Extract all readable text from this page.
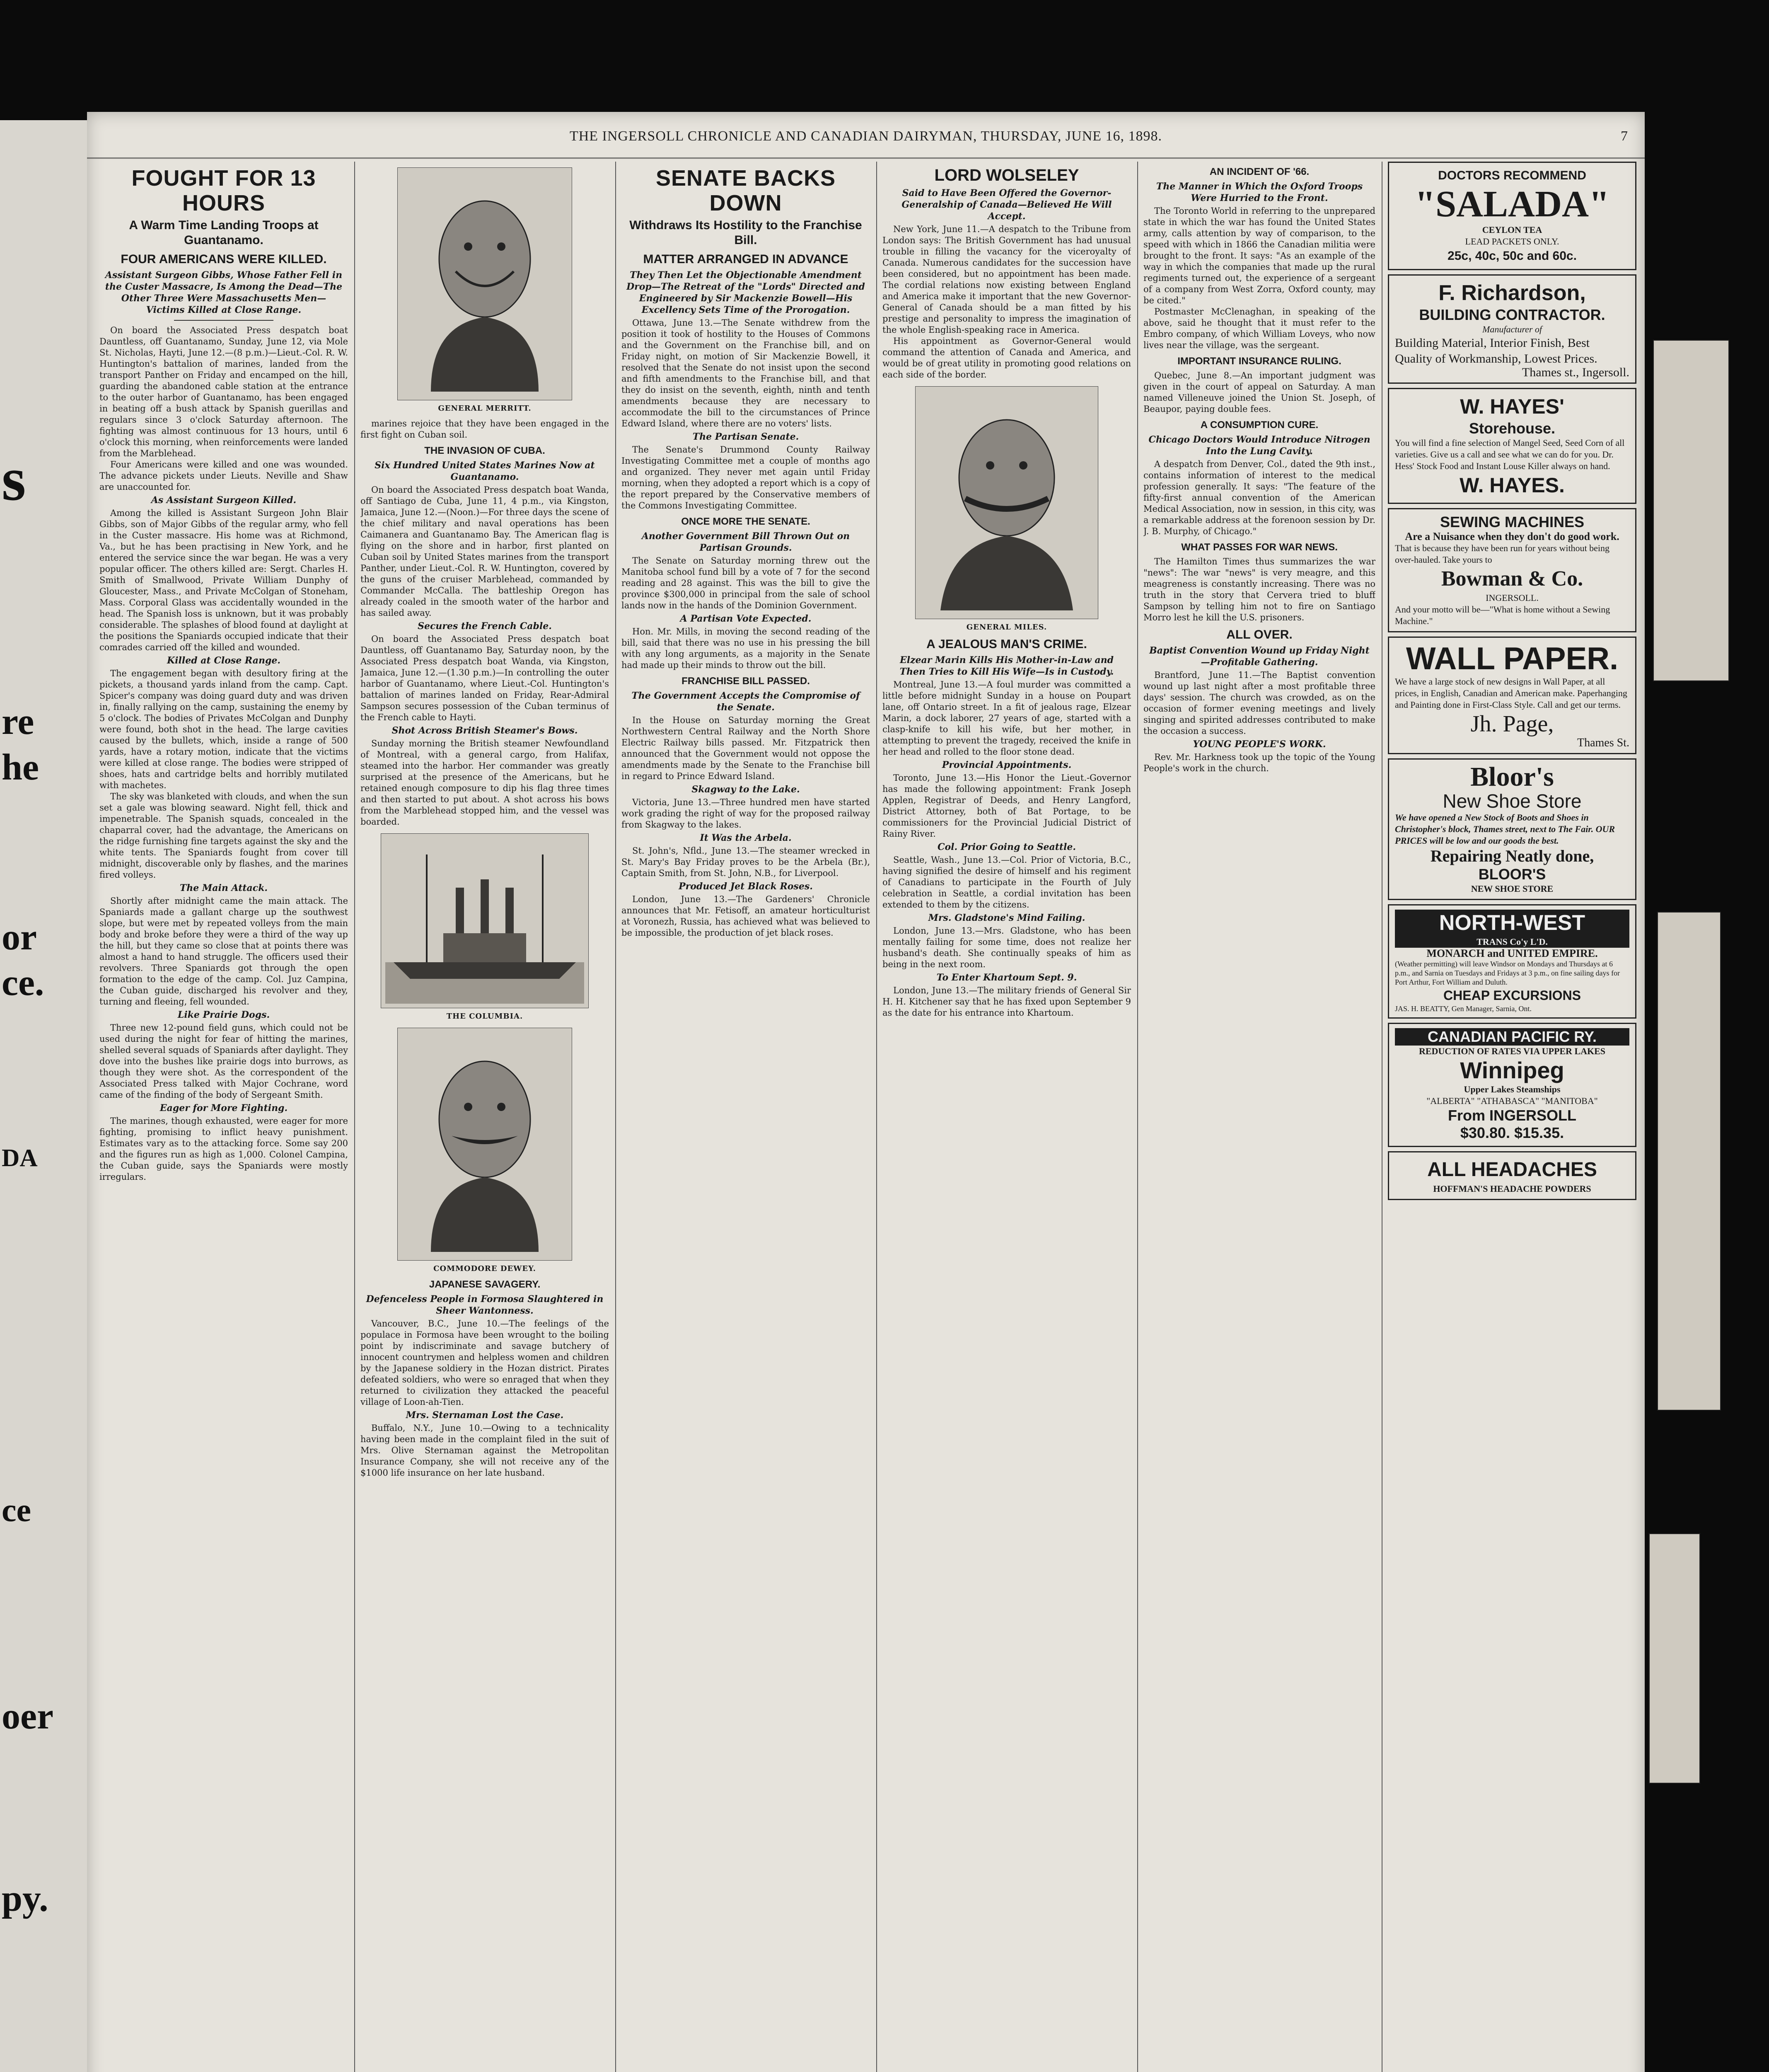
s
re
he
or
ce.
DA
ce
oer
py.
THE INGERSOLL CHRONICLE AND CANADIAN DAIRYMAN, THURSDAY, JUNE 16, 1898.	7
FOUGHT FOR 13 HOURS
A Warm Time Landing Troops at Guantanamo.
FOUR AMERICANS WERE KILLED.
Assistant Surgeon Gibbs, Whose Father Fell in the Custer Massacre, Is Among the Dead—The Other Three Were Massachusetts Men—Victims Killed at Close Range.

On board the Associated Press despatch boat Dauntless, off Guantanamo, Sunday, June 12, via Mole St. Nicholas, Hayti, June 12.—(8 p.m.)—Lieut.-Col. R. W. Huntington's battalion of marines, landed from the transport Panther on Friday and encamped on the hill, guarding the abandoned cable station at the entrance to the outer harbor of Guantanamo, has been engaged in beating off a bush attack by Spanish guerillas and regulars since 3 o'clock Saturday afternoon. The fighting was almost continuous for 13 hours, until 6 o'clock this morning, when reinforcements were landed from the Marblehead.

Four Americans were killed and one was wounded. The advance pickets under Lieuts. Neville and Shaw are unaccounted for.

As Assistant Surgeon Killed.

Among the killed is Assistant Surgeon John Blair Gibbs, son of Major Gibbs of the regular army, who fell in the Custer massacre. His home was at Richmond, Va., but he has been practising in New York, and he entered the service since the war began. He was a very popular officer. The others killed are: Sergt. Charles H. Smith of Smallwood, Private William Dunphy of Gloucester, Mass., and Private McColgan of Stoneham, Mass. Corporal Glass was accidentally wounded in the head. The Spanish loss is unknown, but it was probably considerable. The splashes of blood found at daylight at the positions the Spaniards occupied indicate that their comrades carried off the killed and wounded.

Killed at Close Range.

The engagement began with desultory firing at the pickets, a thousand yards inland from the camp. Capt. Spicer's company was doing guard duty and was driven in, finally rallying on the camp, sustaining the enemy by 5 o'clock. The bodies of Privates McColgan and Dunphy were found, both shot in the head. The large cavities caused by the bullets, which, inside a range of 500 yards, have a rotary motion, indicate that the victims were killed at close range. The bodies were stripped of shoes, hats and cartridge belts and horribly mutilated with machetes.

The sky was blanketed with clouds, and when the sun set a gale was blowing seaward. Night fell, thick and impenetrable. The Spanish squads, concealed in the chaparral cover, had the advantage, the Americans on the ridge furnishing fine targets against the sky and the white tents. The Spaniards fought from cover till midnight, discoverable only by flashes, and the marines fired volleys.

The Main Attack.

Shortly after midnight came the main attack. The Spaniards made a gallant charge up the southwest slope, but were met by repeated volleys from the main body and broke before they were a third of the way up the hill, but they came so close that at points there was almost a hand to hand struggle. The officers used their revolvers. Three Spaniards got through the open formation to the edge of the camp. Col. Juz Campina, the Cuban guide, discharged his revolver and they, turning and fleeing, fell wounded.

Like Prairie Dogs.

Three new 12-pound field guns, which could not be used during the night for fear of hitting the marines, shelled several squads of Spaniards after daylight. They dove into the bushes like prairie dogs into burrows, as though they were shot. As the correspondent of the Associated Press talked with Major Cochrane, word came of the finding of the body of Sergeant Smith.

Eager for More Fighting.

The marines, though exhausted, were eager for more fighting, promising to inflict heavy punishment. Estimates vary as to the attacking force. Some say 200 and the figures run as high as 1,000. Colonel Campina, the Cuban guide, says the Spaniards were mostly irregulars.

GENERAL MERRITT.

marines rejoice that they have been engaged in the first fight on Cuban soil.

THE INVASION OF CUBA.
Six Hundred United States Marines Now at Guantanamo.

On board the Associated Press despatch boat Wanda, off Santiago de Cuba, June 11, 4 p.m., via Kingston, Jamaica, June 12.—(Noon.)—For three days the scene of the chief military and naval operations has been Caimanera and Guantanamo Bay. The American flag is flying on the shore and in harbor, first planted on Cuban soil by United States marines from the transport Panther, under Lieut.-Col. R. W. Huntington, covered by the guns of the cruiser Marblehead, commanded by Commander McCalla. The battleship Oregon has already coaled in the smooth water of the harbor and has sailed away.

Secures the French Cable.

On board the Associated Press despatch boat Dauntless, off Guantanamo Bay, Saturday noon, by the Associated Press despatch boat Wanda, via Kingston, Jamaica, June 12.—(1.30 p.m.)—In controlling the outer harbor of Guantanamo, where Lieut.-Col. Huntington's battalion of marines landed on Friday, Rear-Admiral Sampson secures possession of the Cuban terminus of the French cable to Hayti.

Shot Across British Steamer's Bows.

Sunday morning the British steamer Newfoundland of Montreal, with a general cargo, from Halifax, steamed into the harbor. Her commander was greatly surprised at the presence of the Americans, but he retained enough composure to dip his flag three times and then started to put about. A shot across his bows from the Marblehead stopped him, and the vessel was boarded.

THE COLUMBIA.
COMMODORE DEWEY.
JAPANESE SAVAGERY.
Defenceless People in Formosa Slaughtered in Sheer Wantonness.

Vancouver, B.C., June 10.—The feelings of the populace in Formosa have been wrought to the boiling point by indiscriminate and savage butchery of innocent countrymen and helpless women and children by the Japanese soldiery in the Hozan district. Pirates defeated soldiers, who were so enraged that when they returned to civilization they attacked the peaceful village of Loon-ah-Tien.

Mrs. Sternaman Lost the Case.

Buffalo, N.Y., June 10.—Owing to a technicality having been made in the complaint filed in the suit of Mrs. Olive Sternaman against the Metropolitan Insurance Company, she will not receive any of the $1000 life insurance on her late husband.

SENATE BACKS DOWN
Withdraws Its Hostility to the Franchise Bill.
MATTER ARRANGED IN ADVANCE
They Then Let the Objectionable Amendment Drop—The Retreat of the "Lords" Directed and Engineered by Sir Mackenzie Bowell—His Excellency Sets Time of the Prorogation.

Ottawa, June 13.—The Senate withdrew from the position it took of hostility to the Houses of Commons and the Government on the Franchise bill, and on Friday night, on motion of Sir Mackenzie Bowell, it resolved that the Senate do not insist upon the second and fifth amendments to the Franchise bill, and that they do insist on the seventh, eighth, ninth and tenth amendments because they are necessary to accommodate the bill to the circumstances of Prince Edward Island, where there are no voters' lists.

The Partisan Senate.

The Senate's Drummond County Railway Investigating Committee met a couple of months ago and organized. They never met again until Friday morning, when they adopted a report which is a copy of the report prepared by the Conservative members of the Commons Investigating Committee.

ONCE MORE THE SENATE.
Another Government Bill Thrown Out on Partisan Grounds.

The Senate on Saturday morning threw out the Manitoba school fund bill by a vote of 7 for the second reading and 28 against. This was the bill to give the province $300,000 in principal from the sale of school lands now in the hands of the Dominion Government.

A Partisan Vote Expected.

Hon. Mr. Mills, in moving the second reading of the bill, said that there was no use in his pressing the bill with any long arguments, as a majority in the Senate had made up their minds to throw out the bill.

FRANCHISE BILL PASSED.
The Government Accepts the Compromise of the Senate.

In the House on Saturday morning the Great Northwestern Central Railway and the North Shore Electric Railway bills passed. Mr. Fitzpatrick then announced that the Government would not oppose the amendments made by the Senate to the Franchise bill in regard to Prince Edward Island.

Skagway to the Lake.

Victoria, June 13.—Three hundred men have started work grading the right of way for the proposed railway from Skagway to the lakes.

It Was the Arbela.

St. John's, Nfld., June 13.—The steamer wrecked in St. Mary's Bay Friday proves to be the Arbela (Br.), Captain Smith, from St. John, N.B., for Liverpool.

Produced Jet Black Roses.

London, June 13.—The Gardeners' Chronicle announces that Mr. Fetisoff, an amateur horticulturist at Voronezh, Russia, has achieved what was believed to be impossible, the production of jet black roses.

LORD WOLSELEY
Said to Have Been Offered the Governor-Generalship of Canada—Believed He Will Accept.

New York, June 11.—A despatch to the Tribune from London says: The British Government has had unusual trouble in filling the vacancy for the viceroyalty of Canada. Numerous candidates for the succession have been considered, but no appointment has been made. The cordial relations now existing between England and America make it important that the new Governor-General of Canada should be a man fitted by his prestige and personality to impress the imagination of the whole English-speaking race in America.

His appointment as Governor-General would command the attention of Canada and America, and would be of great utility in promoting good relations on each side of the border.

GENERAL MILES.
A JEALOUS MAN'S CRIME.
Elzear Marin Kills His Mother-in-Law and Then Tries to Kill His Wife—Is in Custody.

Montreal, June 13.—A foul murder was committed a little before midnight Sunday in a house on Poupart lane, off Ontario street. In a fit of jealous rage, Elzear Marin, a dock laborer, 27 years of age, started with a clasp-knife to kill his wife, but her mother, in attempting to prevent the tragedy, received the knife in her head and rolled to the floor stone dead.

Provincial Appointments.

Toronto, June 13.—His Honor the Lieut.-Governor has made the following appointment: Frank Joseph Applen, Registrar of Deeds, and Henry Langford, District Attorney, both of Bat Portage, to be commissioners for the Provincial Judicial District of Rainy River.

Col. Prior Going to Seattle.

Seattle, Wash., June 13.—Col. Prior of Victoria, B.C., having signified the desire of himself and his regiment of Canadians to participate in the Fourth of July celebration in Seattle, a cordial invitation has been extended to them by the citizens.

Mrs. Gladstone's Mind Failing.

London, June 13.—Mrs. Gladstone, who has been mentally failing for some time, does not realize her husband's death. She continually speaks of him as being in the next room.

To Enter Khartoum Sept. 9.

London, June 13.—The military friends of General Sir H. H. Kitchener say that he has fixed upon September 9 as the date for his entrance into Khartoum.

AN INCIDENT OF '66.
The Manner in Which the Oxford Troops Were Hurried to the Front.

The Toronto World in referring to the unprepared state in which the war has found the United States army, calls attention by way of comparison, to the speed with which in 1866 the Canadian militia were brought to the front. It says: "As an example of the way in which the companies that made up the rural regiments turned out, the experience of a sergeant of a company from West Zorra, Oxford county, may be cited."

Postmaster McClenaghan, in speaking of the above, said he thought that it must refer to the Embro company, of which William Loveys, who now lives near the village, was the sergeant.

IMPORTANT INSURANCE RULING.

Quebec, June 8.—An important judgment was given in the court of appeal on Saturday. A man named Villeneuve joined the Union St. Joseph, of Beaupor, paying double fees.

A CONSUMPTION CURE.
Chicago Doctors Would Introduce Nitrogen Into the Lung Cavity.

A despatch from Denver, Col., dated the 9th inst., contains information of interest to the medical profession generally. It says: "The feature of the fifty-first annual convention of the American Medical Association, now in session, in this city, was a remarkable address at the forenoon session by Dr. J. B. Murphy, of Chicago."

WHAT PASSES FOR WAR NEWS.

The Hamilton Times thus summarizes the war "news": The war "news" is very meagre, and this meagreness is constantly increasing. There was no truth in the story that Cervera tried to bluff Sampson by telling him not to fire on Santiago Morro lest he kill the U.S. prisoners.

ALL OVER.
Baptist Convention Wound up Friday Night—Profitable Gathering.

Brantford, June 11.—The Baptist convention wound up last night after a most profitable three days' session. The church was crowded, as on the occasion of former evening meetings and lively singing and spirited addresses contributed to make the occasion a success.

YOUNG PEOPLE'S WORK.

Rev. Mr. Harkness took up the topic of the Young People's work in the church.

DOCTORS RECOMMEND
"SALADA"
CEYLON TEA
LEAD PACKETS ONLY.
25c, 40c, 50c and 60c.
F. Richardson,
BUILDING CONTRACTOR.
Manufacturer of
Building Material, Interior Finish, Best Quality of Workmanship, Lowest Prices.
Thames st., Ingersoll.
W. HAYES'
Storehouse.
You will find a fine selection of Mangel Seed, Seed Corn of all varieties. Give us a call and see what we can do for you. Dr. Hess' Stock Food and Instant Louse Killer always on hand.
W. HAYES.
SEWING MACHINES
Are a Nuisance when they don't do good work.
That is because they have been run for years without being over-hauled. Take yours to
Bowman & Co.
INGERSOLL.
And your motto will be—"What is home without a Sewing Machine."
WALL PAPER.
We have a large stock of new designs in Wall Paper, at all prices, in English, Canadian and American make. Paperhanging and Painting done in First-Class Style. Call and get our terms.
Jh. Page,
Thames St.
Bloor's
New Shoe Store
We have opened a New Stock of Boots and Shoes in Christopher's block, Thames street, next to The Fair. OUR PRICES will be low and our goods the best.
Repairing Neatly done,
BLOOR'S
NEW SHOE STORE
NORTH-WEST
TRANS Co'y L'D.
MONARCH and UNITED EMPIRE.
(Weather permitting) will leave Windsor on Mondays and Thursdays at 6 p.m., and Sarnia on Tuesdays and Fridays at 3 p.m., on fine sailing days for Port Arthur, Fort William and Duluth.
CHEAP EXCURSIONS
JAS. H. BEATTY, Gen Manager, Sarnia, Ont.
CANADIAN PACIFIC RY.
REDUCTION OF RATES VIA UPPER LAKES
Winnipeg
Upper Lakes Steamships
"ALBERTA" "ATHABASCA" "MANITOBA"
From INGERSOLL
$30.80. $15.35.
ALL HEADACHES
HOFFMAN'S HEADACHE POWDERS
